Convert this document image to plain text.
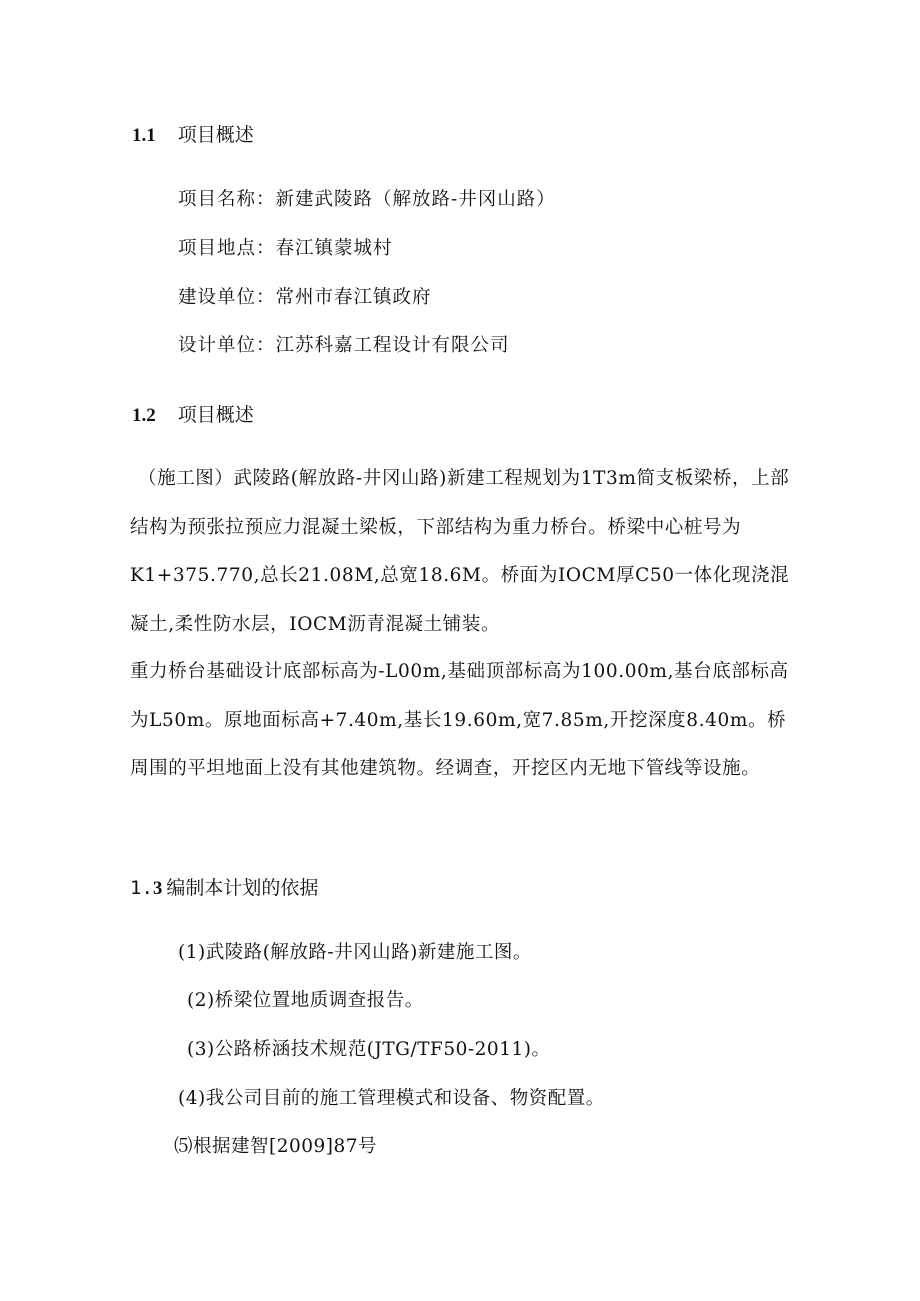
1.1 项目概述
项目名称：新建武陵路（解放路-井冈山路）
项目地点：春江镇蒙城村
建设单位：常州市春江镇政府
设计单位：江苏科嘉工程设计有限公司
1.2 项目概述

（施工图）武陵路(解放路-井冈山路)新建工程规划为1T3m简支板梁桥，上部结构为预张拉预应力混凝土梁板，下部结构为重力桥台。桥梁中心桩号为K1+375.770,总长21.08M,总宽18.6M。桥面为IOCM厚C50一体化现浇混凝土,柔性防水层，IOCM沥青混凝土铺装。

重力桥台基础设计底部标高为-L00m,基础顶部标高为100.00m,基台底部标高为L50m。原地面标高+7.40m,基长19.60m,宽7.85m,开挖深度8.40m。桥周围的平坦地面上没有其他建筑物。经调查，开挖区内无地下管线等设施。

1.3 编制本计划的依据
(1)武陵路(解放路-井冈山路)新建施工图。
(2)桥梁位置地质调查报告。
(3)公路桥涵技术规范(JTG/TF50-2011)。
(4)我公司目前的施工管理模式和设备、物资配置。
⑸根据建智[2009]87号
